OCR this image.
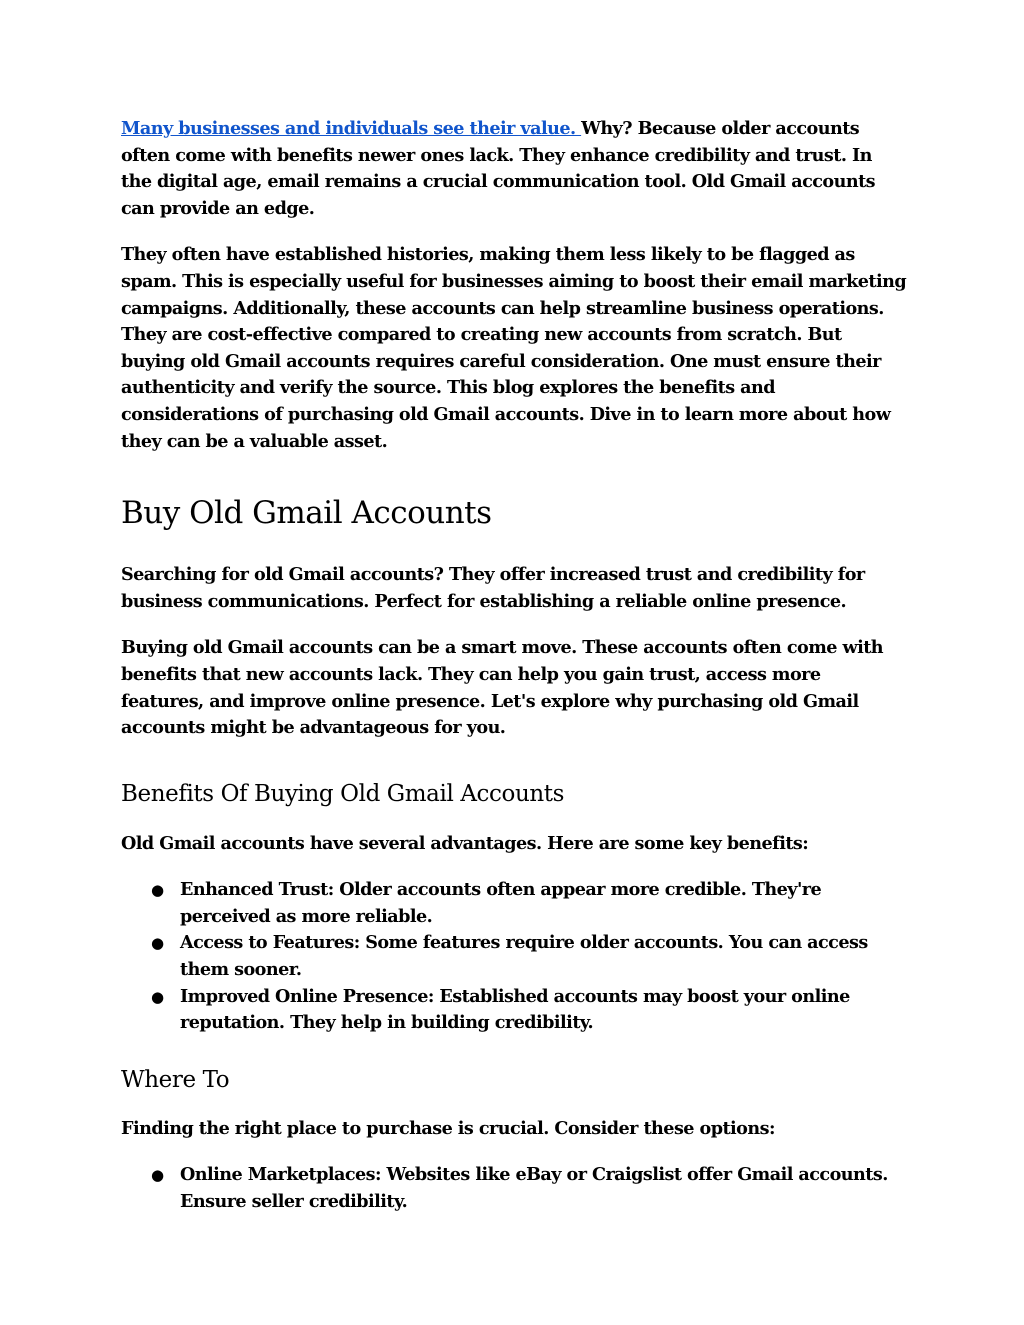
Many businesses and individuals see their value. Why? Because older accounts often come with benefits newer ones lack. They enhance credibility and trust. In the digital age, email remains a crucial communication tool. Old Gmail accounts can provide an edge.

They often have established histories, making them less likely to be flagged as spam. This is especially useful for businesses aiming to boost their email marketing campaigns. Additionally, these accounts can help streamline business operations. They are cost-effective compared to creating new accounts from scratch. But buying old Gmail accounts requires careful consideration. One must ensure their authenticity and verify the source. This blog explores the benefits and considerations of purchasing old Gmail accounts. Dive in to learn more about how they can be a valuable asset.

Buy Old Gmail Accounts

Searching for old Gmail accounts? They offer increased trust and credibility for business communications. Perfect for establishing a reliable online presence.

Buying old Gmail accounts can be a smart move. These accounts often come with benefits that new accounts lack. They can help you gain trust, access more features, and improve online presence. Let's explore why purchasing old Gmail accounts might be advantageous for you.

Benefits Of Buying Old Gmail Accounts

Old Gmail accounts have several advantages. Here are some key benefits:

● Enhanced Trust: Older accounts often appear more credible. They're perceived as more reliable.
● Access to Features: Some features require older accounts. You can access them sooner.
● Improved Online Presence: Established accounts may boost your online reputation. They help in building credibility.
Where To

Finding the right place to purchase is crucial. Consider these options:

● Online Marketplaces: Websites like eBay or Craigslist offer Gmail accounts. Ensure seller credibility.
